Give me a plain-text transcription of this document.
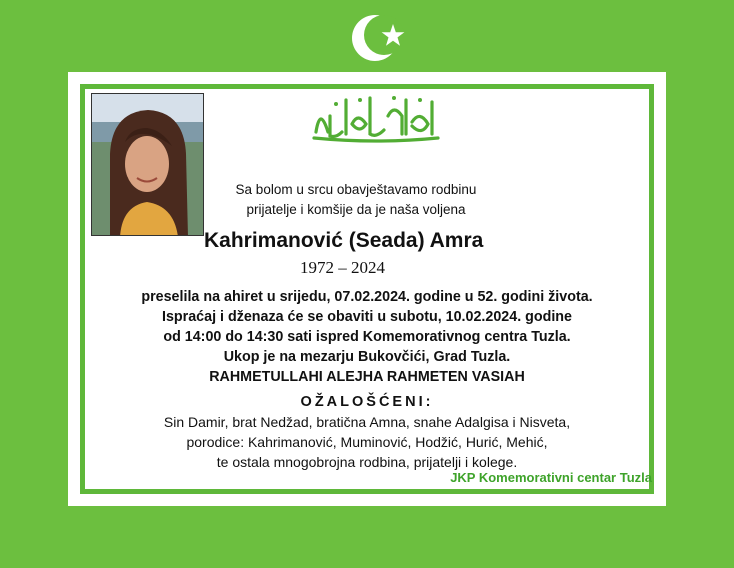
Sa bolom u srcu obavještavamo rodbinu
prijatelje i komšije da je naša voljena
Kahrimanović (Seada) Amra
1972 – 2024
preselila na ahiret u srijedu, 07.02.2024. godine u 52. godini života.
Ispraćaj i dženaza će se obaviti u subotu, 10.02.2024. godine
od 14:00 do 14:30 sati ispred Komemorativnog centra Tuzla.
Ukop je na mezarju Bukovčići, Grad Tuzla.
RAHMETULLAHI ALEJHA RAHMETEN VASIAH
OŽALOŠĆENI:
Sin Damir, brat Nedžad, bratična Amna, snahe Adalgisa i Nisveta,
porodice: Kahrimanović, Muminović, Hodžić, Hurić, Mehić,
te ostala mnogobrojna rodbina, prijatelji i kolege.
JKP Komemorativni centar Tuzla
